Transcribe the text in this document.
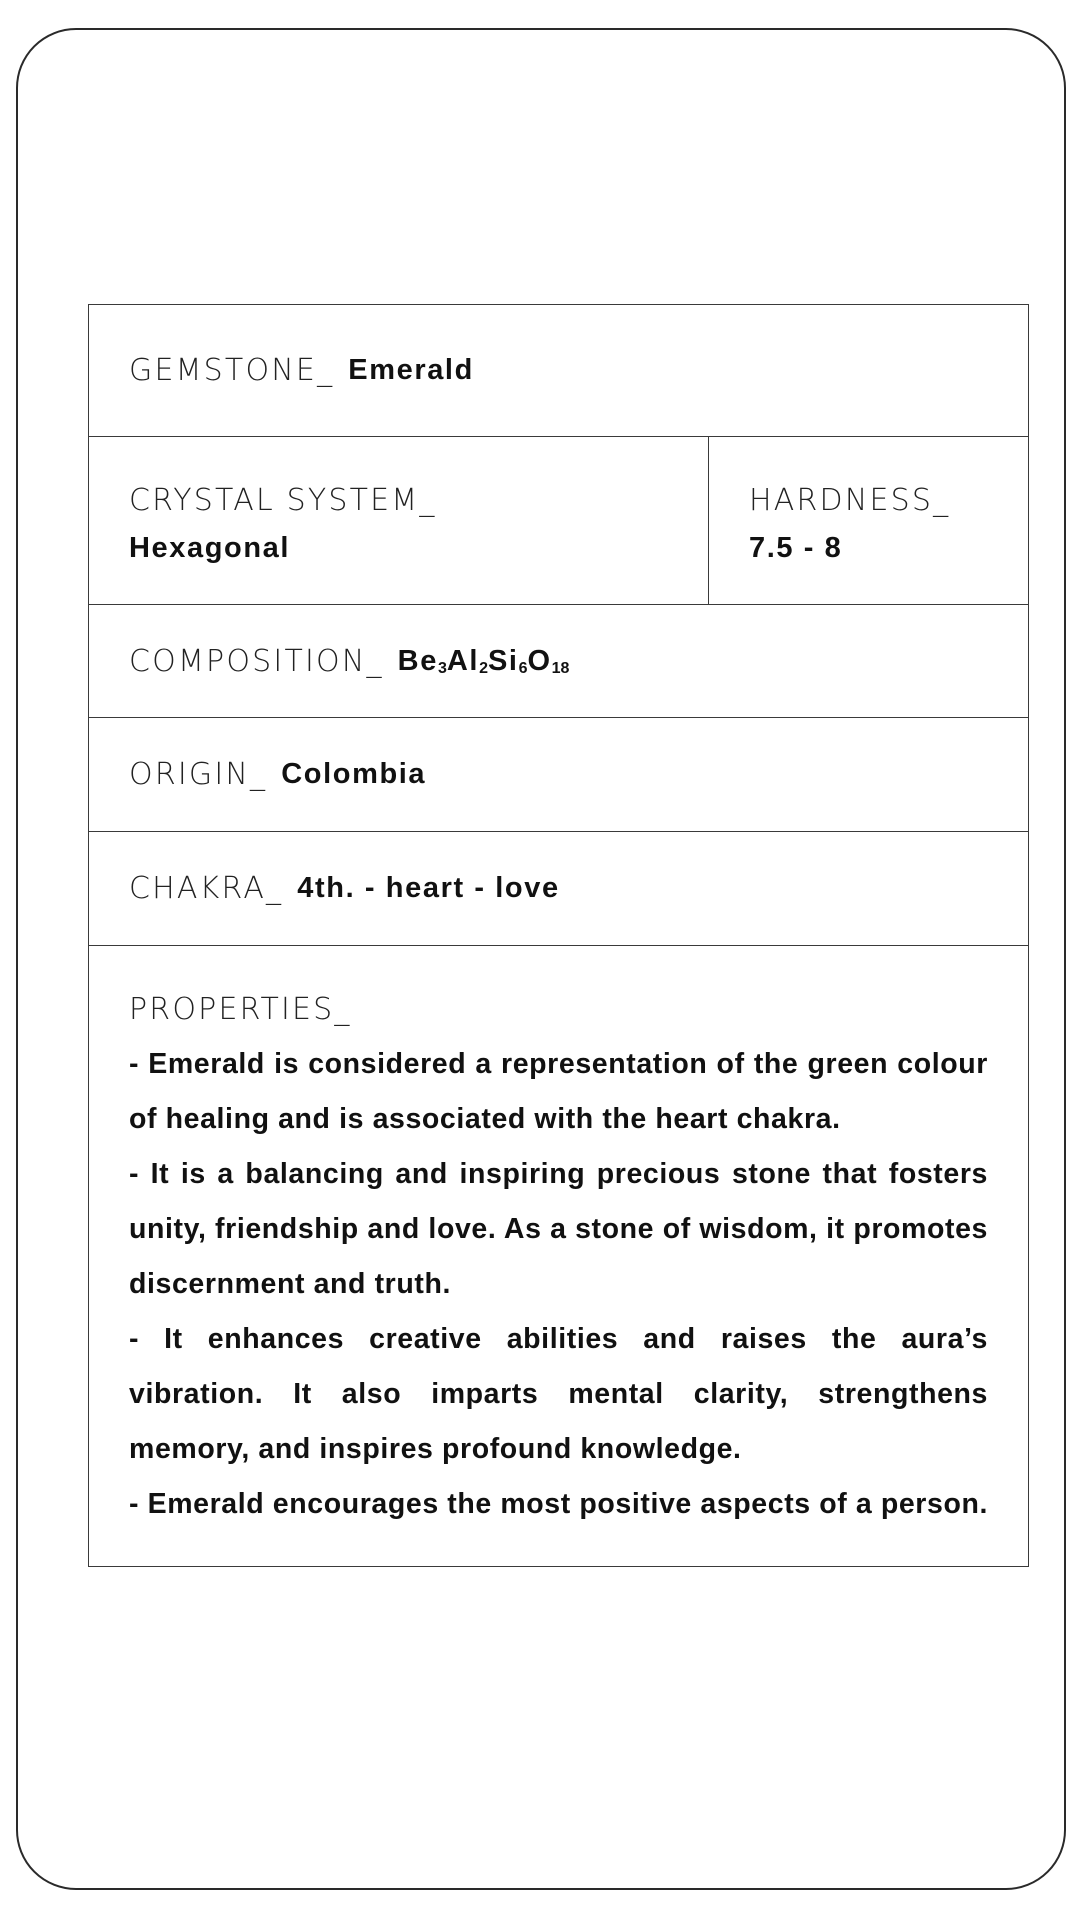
GEMSTONE_ Emerald
CRYSTAL SYSTEM_
Hexagonal
HARDNESS_
7.5 - 8
COMPOSITION_ $Be_3Al_2Si_6O_{18}$
ORIGIN_ Colombia
CHAKRA_ 4th. - heart - love
PROPERTIES_

- Emerald is considered a representation of the green colour of healing and is associated with the heart chakra.

- It is a balancing and inspiring precious stone that fosters unity, friendship and love. As a stone of wisdom, it promotes discernment and truth.

- It enhances creative abilities and raises the aura’s vibration. It also imparts mental clarity, strengthens memory, and inspires profound knowledge.

- Emerald encourages the most positive aspects of a person.
